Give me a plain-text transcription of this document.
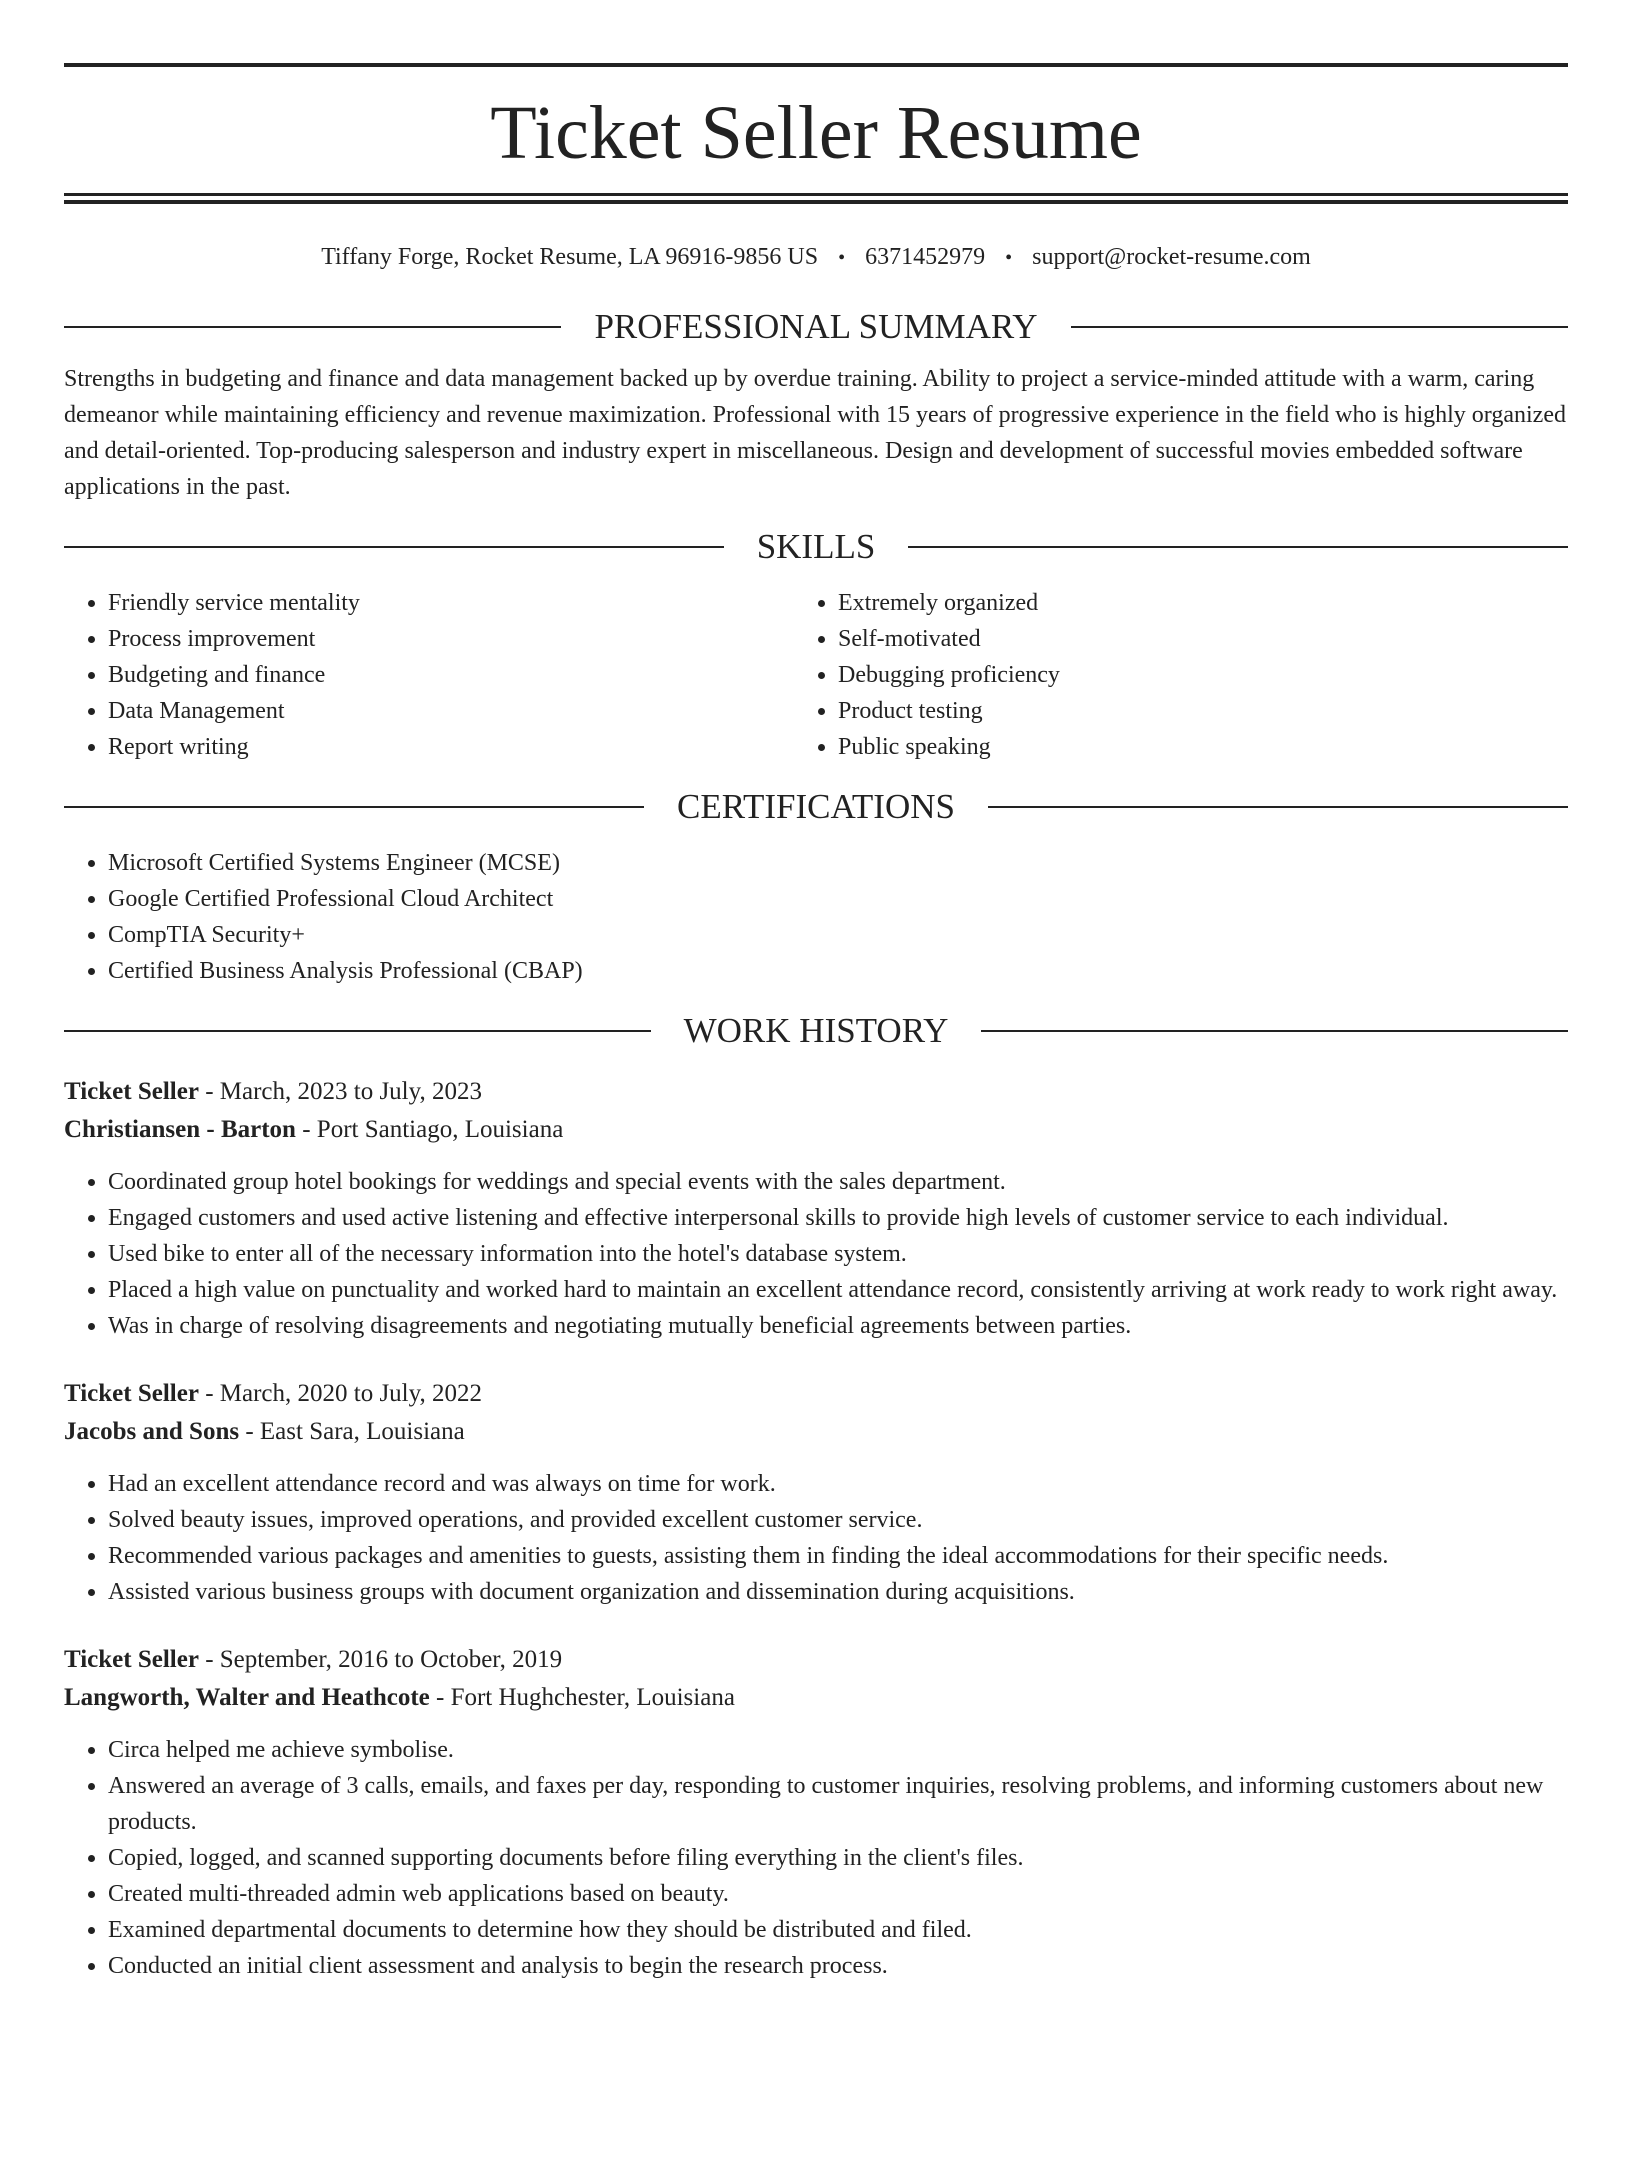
Ticket Seller Resume
Tiffany Forge, Rocket Resume, LA 96916-9856 US • 6371452979 • support@rocket-resume.com
PROFESSIONAL SUMMARY

Strengths in budgeting and finance and data management backed up by overdue training. Ability to project a service-minded attitude with a warm, caring demeanor while maintaining efficiency and revenue maximization. Professional with 15 years of progressive experience in the field who is highly organized and detail-oriented. Top-producing salesperson and industry expert in miscellaneous. Design and development of successful movies embedded software applications in the past.

SKILLS
• Friendly service mentality
• Process improvement
• Budgeting and finance
• Data Management
• Report writing
• Extremely organized
• Self-motivated
• Debugging proficiency
• Product testing
• Public speaking
CERTIFICATIONS
• Microsoft Certified Systems Engineer (MCSE)
• Google Certified Professional Cloud Architect
• CompTIA Security+
• Certified Business Analysis Professional (CBAP)
WORK HISTORY
Ticket Seller - March, 2023 to July, 2023
Christiansen - Barton - Port Santiago, Louisiana
• Coordinated group hotel bookings for weddings and special events with the sales department.
• Engaged customers and used active listening and effective interpersonal skills to provide high levels of customer service to each individual.
• Used bike to enter all of the necessary information into the hotel's database system.
• Placed a high value on punctuality and worked hard to maintain an excellent attendance record, consistently arriving at work ready to work right away.
• Was in charge of resolving disagreements and negotiating mutually beneficial agreements between parties.
Ticket Seller - March, 2020 to July, 2022
Jacobs and Sons - East Sara, Louisiana
• Had an excellent attendance record and was always on time for work.
• Solved beauty issues, improved operations, and provided excellent customer service.
• Recommended various packages and amenities to guests, assisting them in finding the ideal accommodations for their specific needs.
• Assisted various business groups with document organization and dissemination during acquisitions.
Ticket Seller - September, 2016 to October, 2019
Langworth, Walter and Heathcote - Fort Hughchester, Louisiana
• Circa helped me achieve symbolise.
• Answered an average of 3 calls, emails, and faxes per day, responding to customer inquiries, resolving problems, and informing customers about new products.
• Copied, logged, and scanned supporting documents before filing everything in the client's files.
• Created multi-threaded admin web applications based on beauty.
• Examined departmental documents to determine how they should be distributed and filed.
• Conducted an initial client assessment and analysis to begin the research process.
